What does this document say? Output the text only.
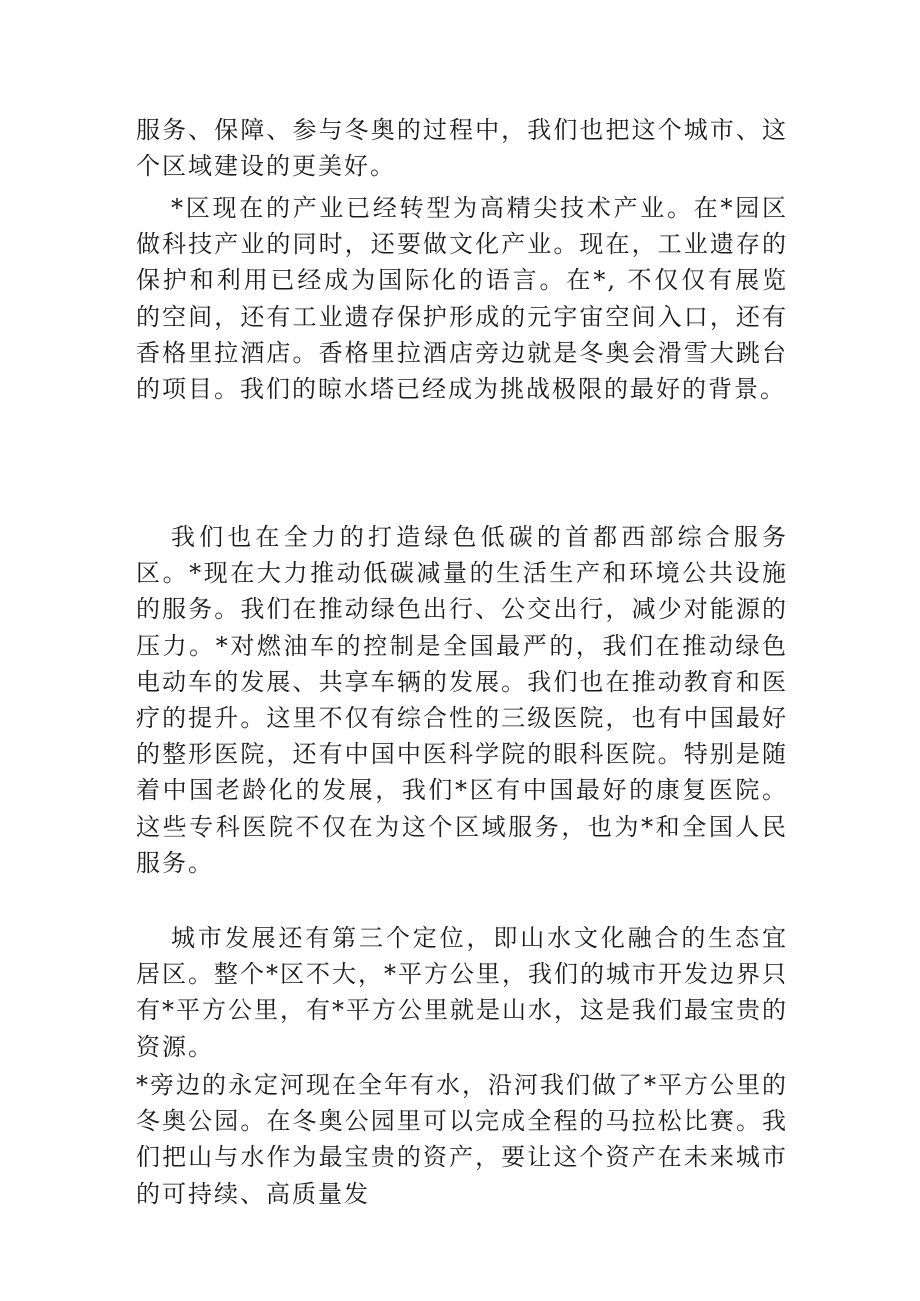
服务、保障、参与冬奥的过程中，我们也把这个城市、这个区域建设的更美好。

*区现在的产业已经转型为高精尖技术产业。在*园区做科技产业的同时，还要做文化产业。现在，工业遗存的保护和利用已经成为国际化的语言。在*, 不仅仅有展览的空间，还有工业遗存保护形成的元宇宙空间入口，还有香格里拉酒店。香格里拉酒店旁边就是冬奥会滑雪大跳台的项目。我们的晾水塔已经成为挑战极限的最好的背景。

我们也在全力的打造绿色低碳的首都西部综合服务区。*现在大力推动低碳减量的生活生产和环境公共设施的服务。我们在推动绿色出行、公交出行，减少对能源的压力。*对燃油车的控制是全国最严的，我们在推动绿色电动车的发展、共享车辆的发展。我们也在推动教育和医疗的提升。这里不仅有综合性的三级医院，也有中国最好的整形医院，还有中国中医科学院的眼科医院。特别是随着中国老龄化的发展，我们*区有中国最好的康复医院。这些专科医院不仅在为这个区域服务，也为*和全国人民服务。

城市发展还有第三个定位，即山水文化融合的生态宜居区。整个*区不大，*平方公里，我们的城市开发边界只有*平方公里，有*平方公里就是山水，这是我们最宝贵的资源。

*旁边的永定河现在全年有水，沿河我们做了*平方公里的冬奥公园。在冬奥公园里可以完成全程的马拉松比赛。我们把山与水作为最宝贵的资产，要让这个资产在未来城市的可持续、高质量发
